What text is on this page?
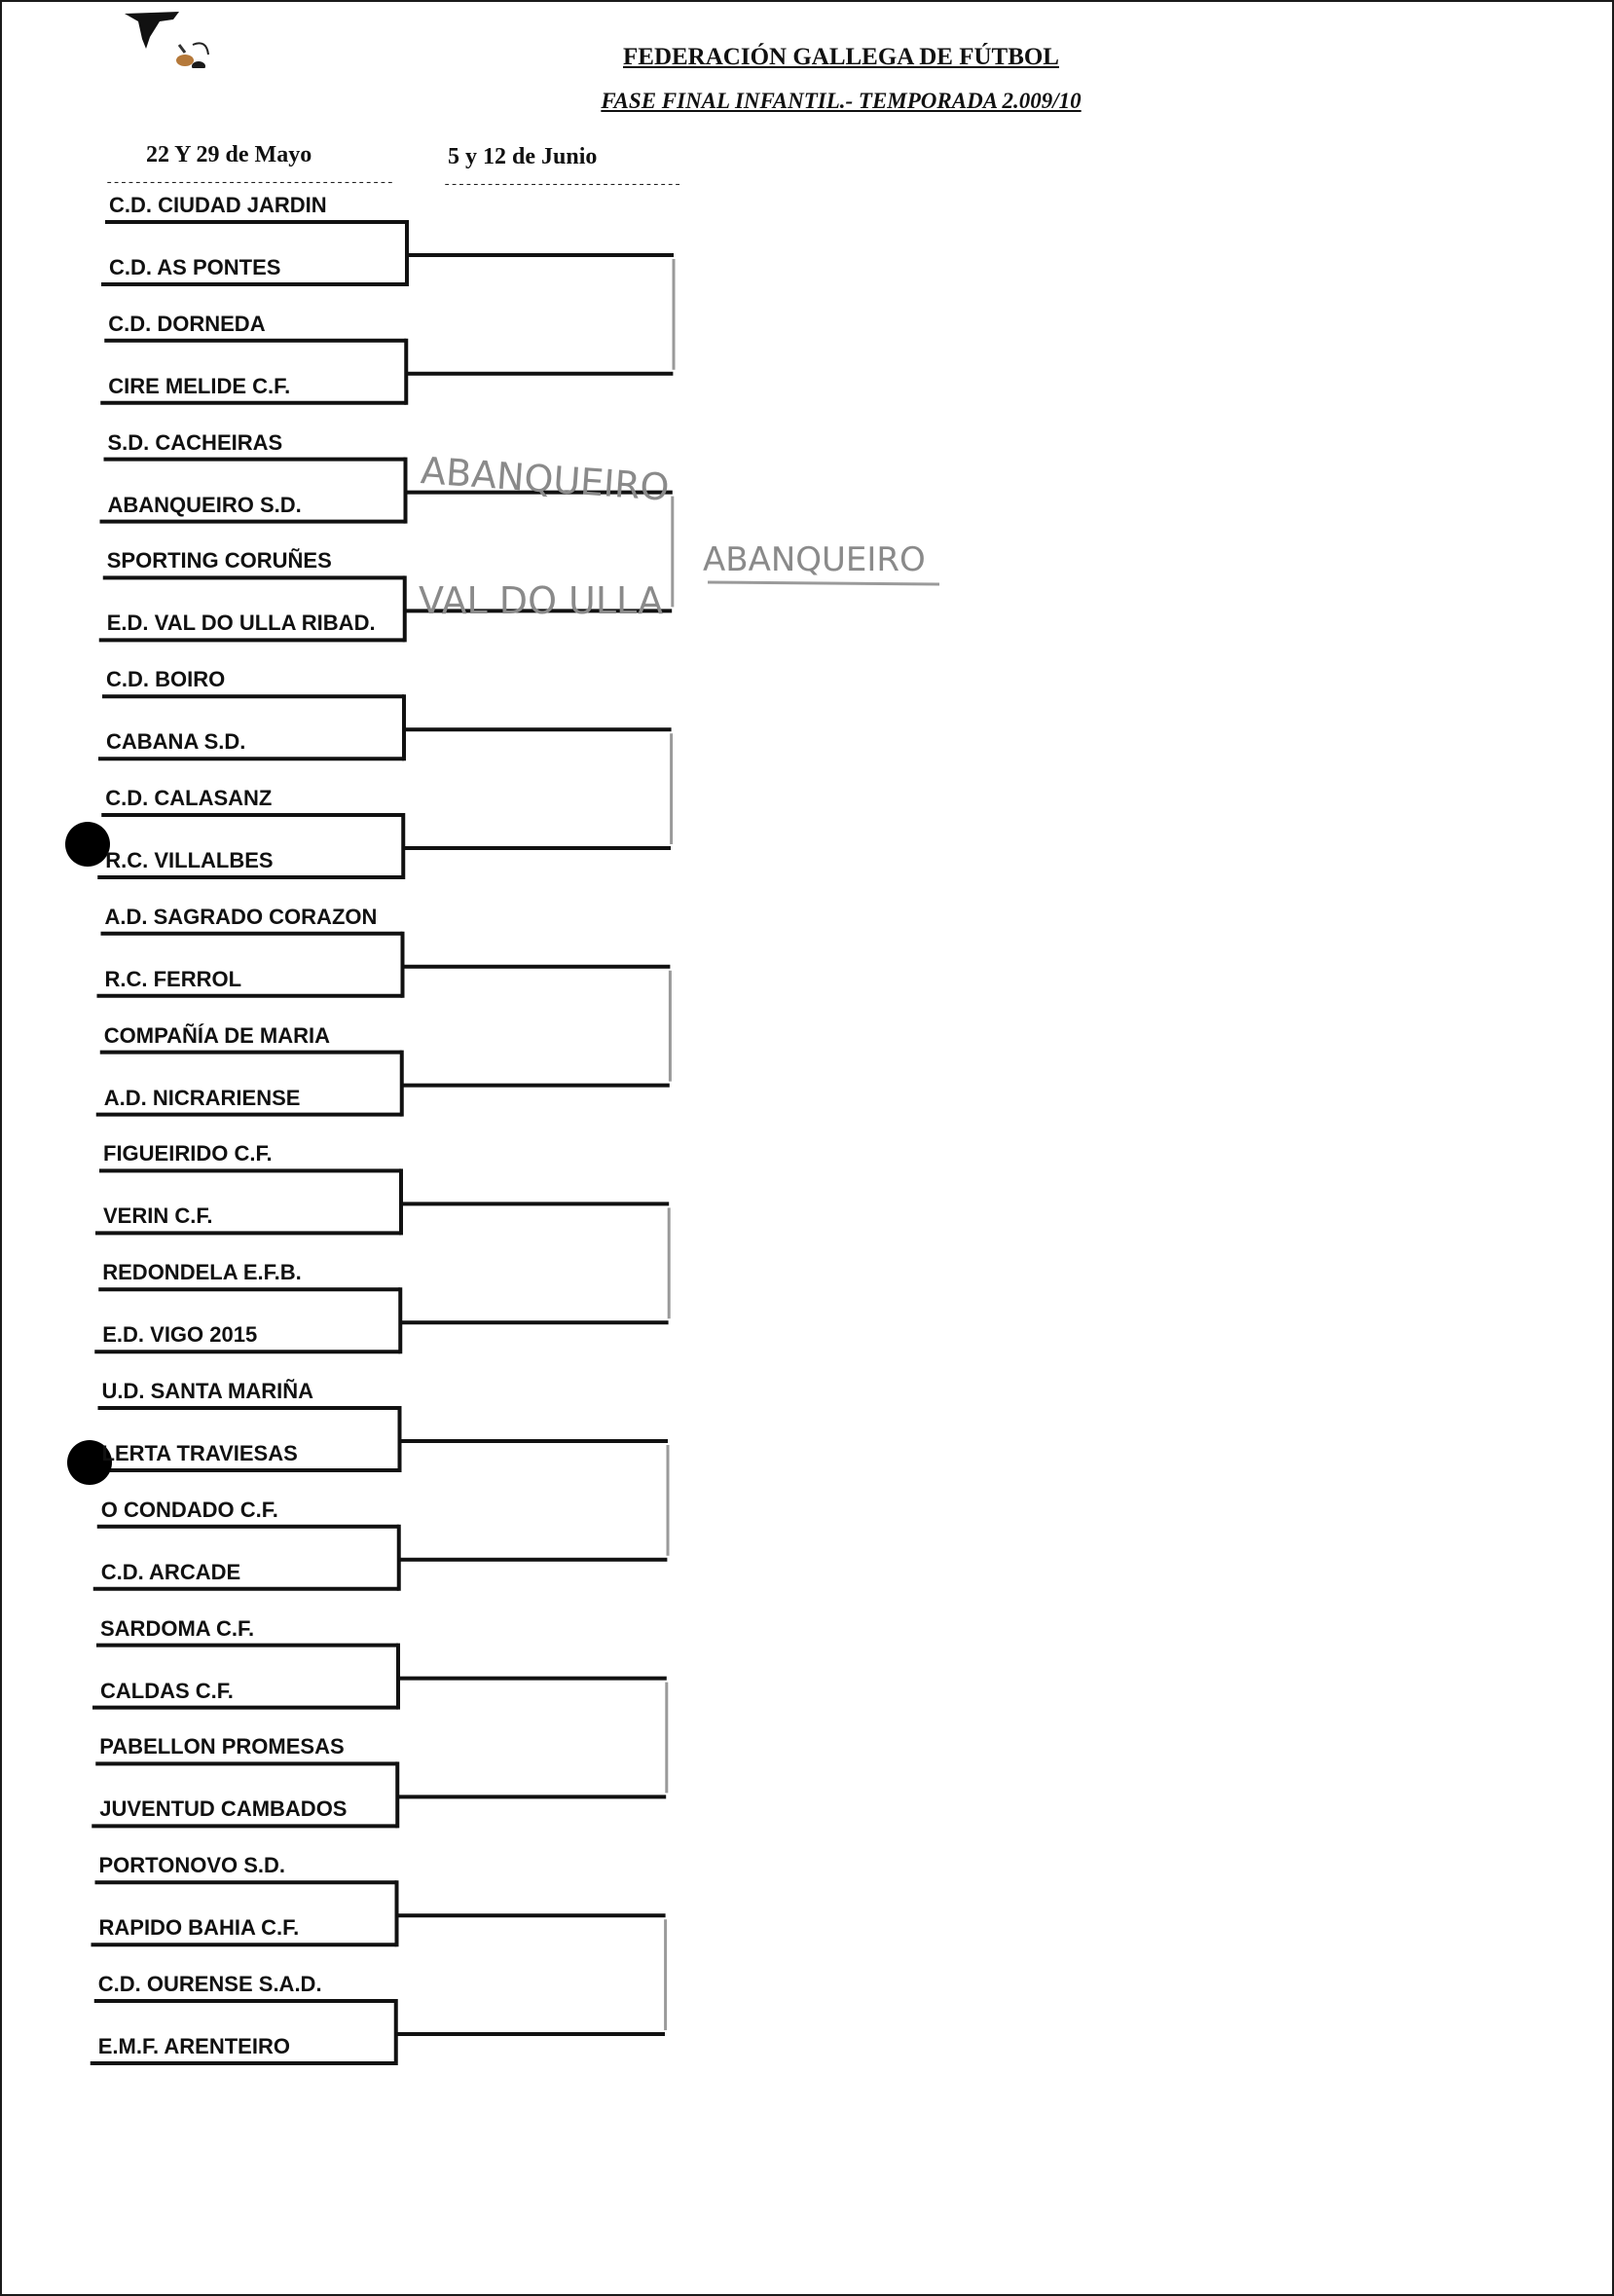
FEDERACIÓN GALLEGA DE FÚTBOL
FASE FINAL INFANTIL.- TEMPORADA 2.009/10
22 Y 29 de Mayo	5 y 12 de Junio
----------------------------------------	---------------------------------
C.D. CIUDAD JARDIN
C.D. AS PONTES
C.D. DORNEDA
CIRE MELIDE C.F.
S.D. CACHEIRAS
ABANQUEIRO S.D.
SPORTING CORUÑES
E.D. VAL DO ULLA RIBAD.
C.D. BOIRO
CABANA S.D.
C.D. CALASANZ
R.C. VILLALBES
A.D. SAGRADO CORAZON
R.C. FERROL
COMPAÑÍA DE MARIA
A.D. NICRARIENSE
FIGUEIRIDO C.F.
VERIN C.F.
REDONDELA E.F.B.
E.D. VIGO 2015
U.D. SANTA MARIÑA
LERTA TRAVIESAS
O CONDADO C.F.
C.D. ARCADE
SARDOMA C.F.
CALDAS C.F.
PABELLON PROMESAS
JUVENTUD CAMBADOS
PORTONOVO S.D.
RAPIDO BAHIA C.F.
C.D. OURENSE S.A.D.
E.M.F. ARENTEIRO
ABANQUEIRO
VAL DO ULLA
ABANQUEIRO
